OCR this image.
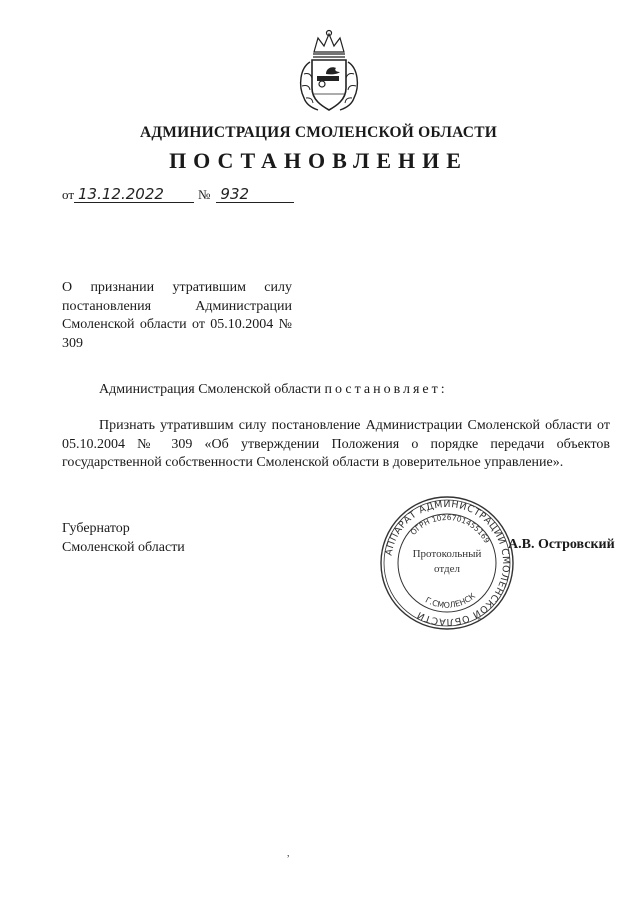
АДМИНИСТРАЦИЯ СМОЛЕНСКОЙ ОБЛАСТИ
ПОСТАНОВЛЕНИЕ
от 13.12.2022	№ 932
О признании утратившим силу постановления Администрации Смоленской области от 05.10.2004 № 309
Администрация Смоленской области постановляет:
Признать утратившим силу постановление Администрации Смоленской области от 05.10.2004 № 309 «Об утверждении Положения о порядке передачи объектов государственной собственности Смоленской области в доверительное управление».
Губернатор
Смоленской области	АППАРАТ АДМИНИСТРАЦИИ СМОЛЕНСКОЙ ОБЛАСТИ
ОГРН 1026701455169
Г.СМОЛЕНСК
Протокольный
отдел
А.В. Островский
,
